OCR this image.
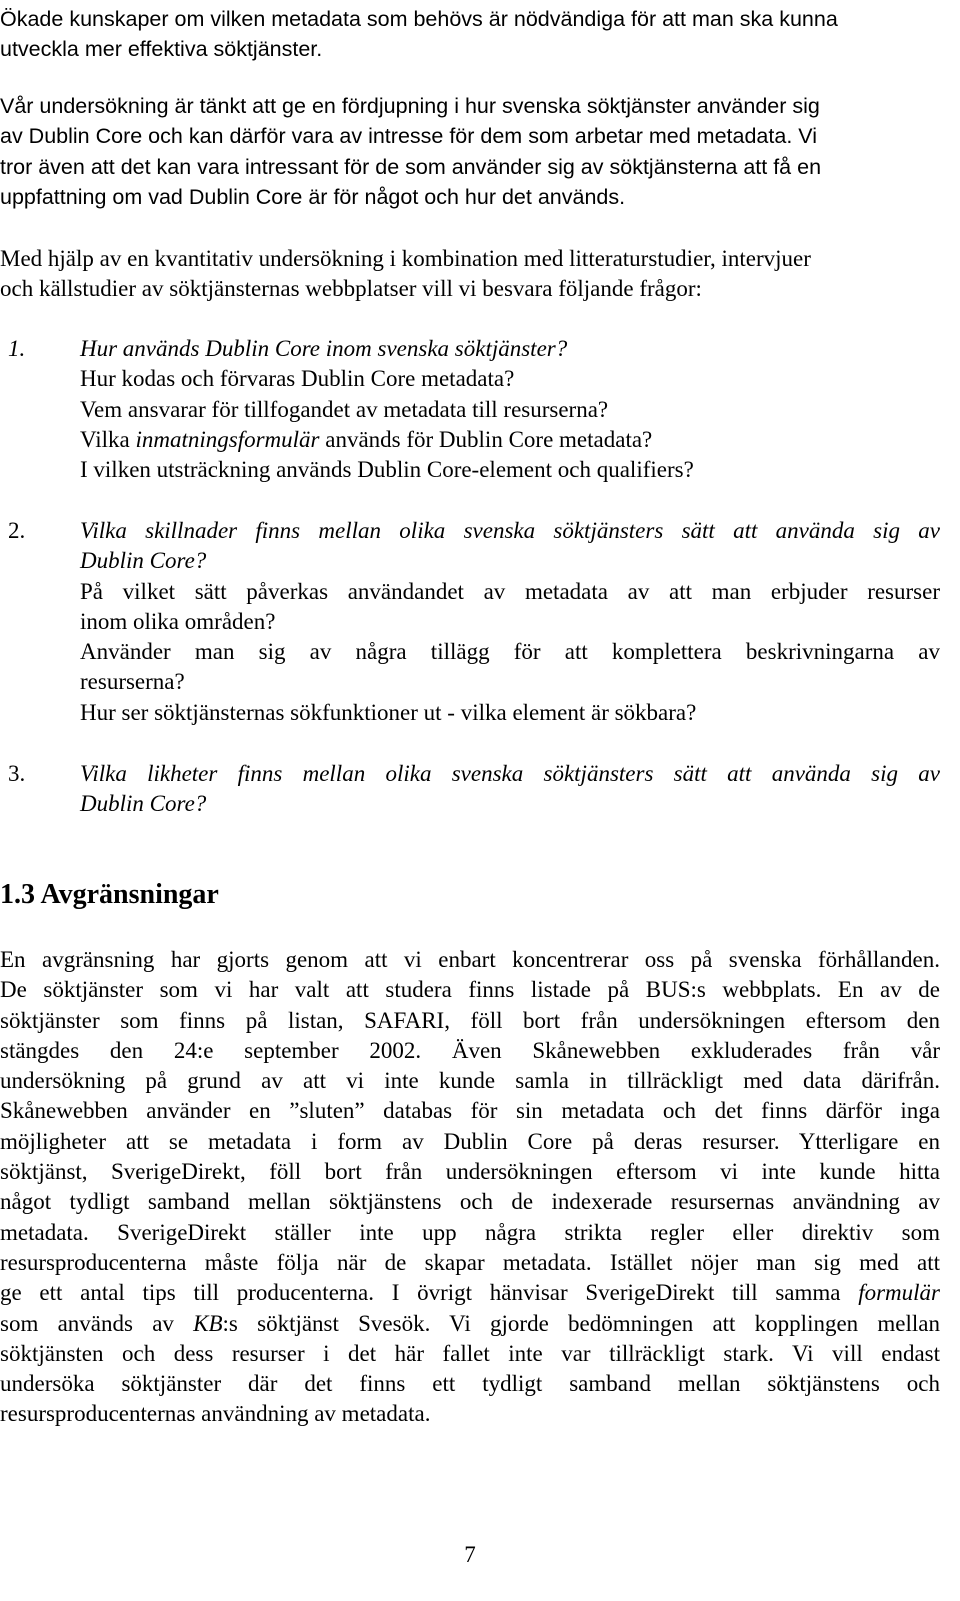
Ökade kunskaper om vilken metadata som behövs är nödvändiga för att man ska kunna
utveckla mer effektiva söktjänster.
Vår undersökning är tänkt att ge en fördjupning i hur svenska söktjänster använder sig
av Dublin Core och kan därför vara av intresse för dem som arbetar med metadata. Vi
tror även att det kan vara intressant för de som använder sig av söktjänsterna att få en
uppfattning om vad Dublin Core är för något och hur det används.
Med hjälp av en kvantitativ undersökning i kombination med litteraturstudier, intervjuer
och källstudier av söktjänsternas webbplatser vill vi besvara följande frågor:
1. Hur används Dublin Core inom svenska söktjänster?
Hur kodas och förvaras Dublin Core metadata?
Vem ansvarar för tillfogandet av metadata till resurserna?
Vilka inmatningsformulär används för Dublin Core metadata?
I vilken utsträckning används Dublin Core-element och qualifiers?
2. Vilka skillnader finns mellan olika svenska söktjänsters sätt att använda sig av
Dublin Core?
På vilket sätt påverkas användandet av metadata av att man erbjuder resurser
inom olika områden?
Använder man sig av några tillägg för att komplettera beskrivningarna av
resurserna?
Hur ser söktjänsternas sökfunktioner ut - vilka element är sökbara?
3. Vilka likheter finns mellan olika svenska söktjänsters sätt att använda sig av
Dublin Core?
1.3 Avgränsningar
En avgränsning har gjorts genom att vi enbart koncentrerar oss på svenska förhållanden.
De söktjänster som vi har valt att studera finns listade på BUS:s webbplats. En av de
söktjänster som finns på listan, SAFARI, föll bort från undersökningen eftersom den
stängdes den 24:e september 2002. Även Skånewebben exkluderades från vår
undersökning på grund av att vi inte kunde samla in tillräckligt med data därifrån.
Skånewebben använder en ”sluten” databas för sin metadata och det finns därför inga
möjligheter att se metadata i form av Dublin Core på deras resurser. Ytterligare en
söktjänst, SverigeDirekt, föll bort från undersökningen eftersom vi inte kunde hitta
något tydligt samband mellan söktjänstens och de indexerade resursernas användning av
metadata. SverigeDirekt ställer inte upp några strikta regler eller direktiv som
resursproducenterna måste följa när de skapar metadata. Istället nöjer man sig med att
ge ett antal tips till producenterna. I övrigt hänvisar SverigeDirekt till samma formulär
som används av KB:s söktjänst Svesök. Vi gjorde bedömningen att kopplingen mellan
söktjänsten och dess resurser i det här fallet inte var tillräckligt stark. Vi vill endast
undersöka söktjänster där det finns ett tydligt samband mellan söktjänstens och
resursproducenternas användning av metadata.
7
